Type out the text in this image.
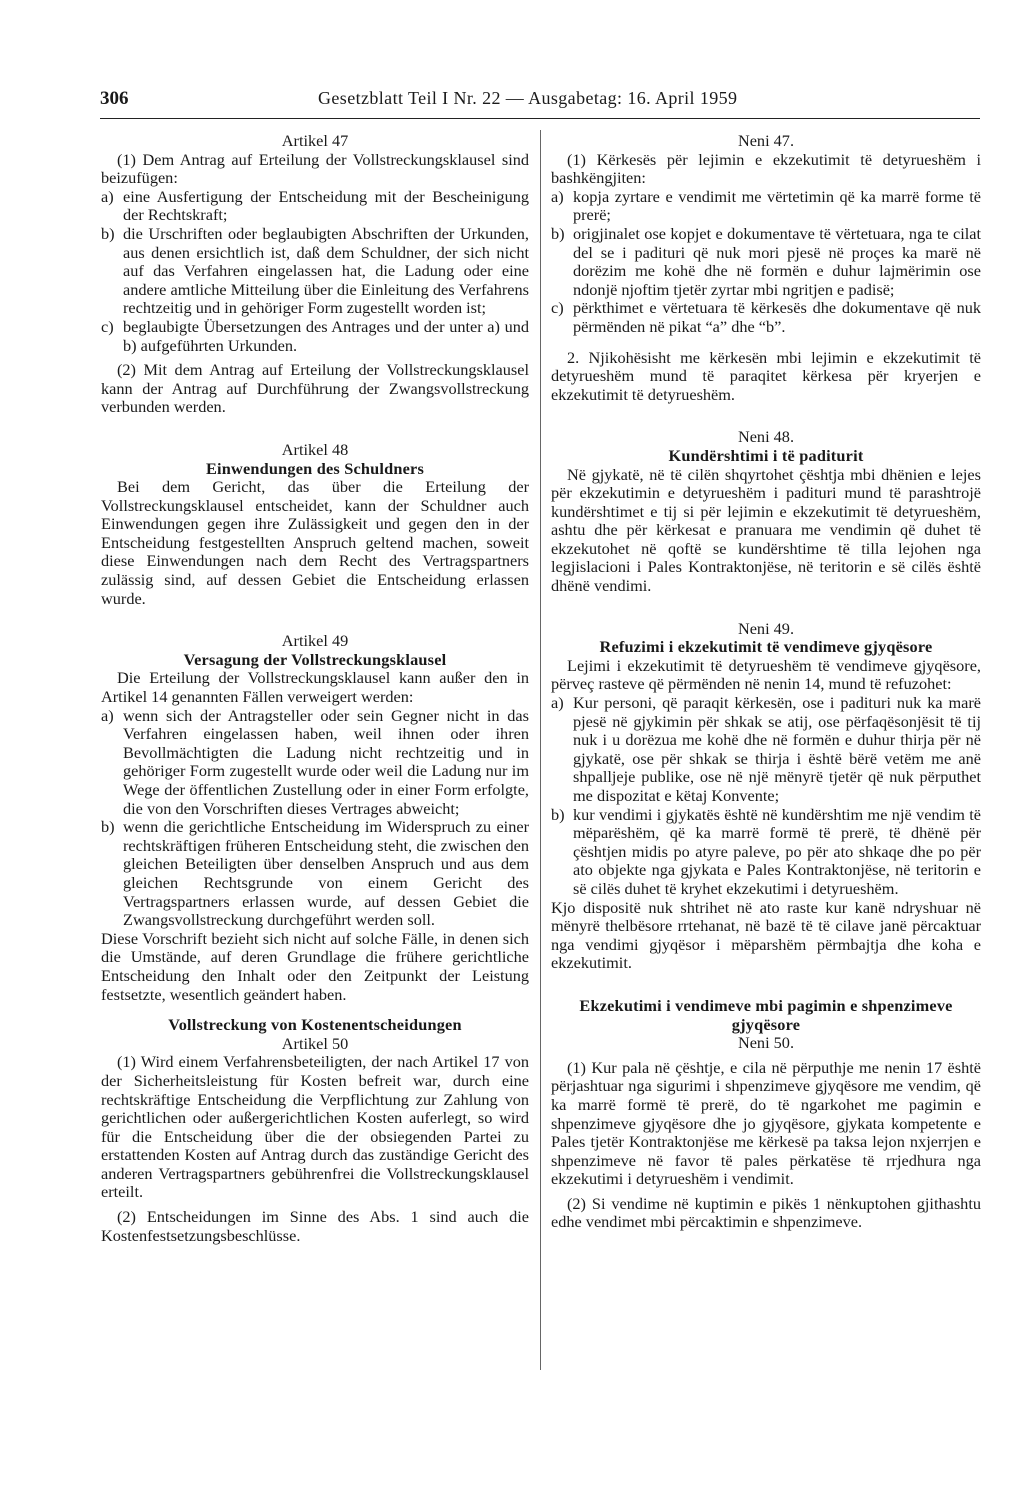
306	Gesetzblatt Teil I Nr. 22 — Ausgabetag: 16. April 1959

Artikel 47

(1) Dem Antrag auf Erteilung der Vollstreckungsklausel sind beizufügen:

a) eine Ausfertigung der Entscheidung mit der Bescheinigung der Rechtskraft;
b) die Urschriften oder beglaubigten Abschriften der Urkunden, aus denen ersichtlich ist, daß dem Schuldner, der sich nicht auf das Verfahren eingelassen hat, die Ladung oder eine andere amtliche Mitteilung über die Einleitung des Verfahrens rechtzeitig und in gehöriger Form zugestellt worden ist;
c) beglaubigte Übersetzungen des Antrages und der unter a) und b) aufgeführten Urkunden.

(2) Mit dem Antrag auf Erteilung der Vollstreckungsklausel kann der Antrag auf Durchführung der Zwangsvollstreckung verbunden werden.

Artikel 48

Einwendungen des Schuldners

Bei dem Gericht, das über die Erteilung der Vollstreckungsklausel entscheidet, kann der Schuldner auch Einwendungen gegen ihre Zulässigkeit und gegen den in der Entscheidung festgestellten Anspruch geltend machen, soweit diese Einwendungen nach dem Recht des Vertragspartners zulässig sind, auf dessen Gebiet die Entscheidung erlassen wurde.

Artikel 49

Versagung der Vollstreckungsklausel

Die Erteilung der Vollstreckungsklausel kann außer den in Artikel 14 genannten Fällen verweigert werden:

a) wenn sich der Antragsteller oder sein Gegner nicht in das Verfahren eingelassen haben, weil ihnen oder ihren Bevollmächtigten die Ladung nicht rechtzeitig und in gehöriger Form zugestellt wurde oder weil die Ladung nur im Wege der öffentlichen Zustellung oder in einer Form erfolgte, die von den Vorschriften dieses Vertrages abweicht;
b) wenn die gerichtliche Entscheidung im Widerspruch zu einer rechtskräftigen früheren Entscheidung steht, die zwischen den gleichen Beteiligten über denselben Anspruch und aus dem gleichen Rechtsgrunde von einem Gericht des Vertragspartners erlassen wurde, auf dessen Gebiet die Zwangsvollstreckung durchgeführt werden soll.

Diese Vorschrift bezieht sich nicht auf solche Fälle, in denen sich die Umstände, auf deren Grundlage die frühere gerichtliche Entscheidung den Inhalt oder den Zeitpunkt der Leistung festsetzte, wesentlich geändert haben.

Vollstreckung von Kostenentscheidungen

Artikel 50

(1) Wird einem Verfahrensbeteiligten, der nach Artikel 17 von der Sicherheitsleistung für Kosten befreit war, durch eine rechtskräftige Entscheidung die Verpflichtung zur Zahlung von gerichtlichen oder außergerichtlichen Kosten auferlegt, so wird für die Entscheidung über die der obsiegenden Partei zu erstattenden Kosten auf Antrag durch das zuständige Gericht des anderen Vertragspartners gebührenfrei die Vollstreckungsklausel erteilt.

(2) Entscheidungen im Sinne des Abs. 1 sind auch die Kostenfestsetzungsbeschlüsse.

Neni 47.

(1) Kërkesës për lejimin e ekzekutimit të detyrueshëm i bashkëngjiten:

a) kopja zyrtare e vendimit me vërtetimin që ka marrë forme të prerë;
b) origjinalet ose kopjet e dokumentave të vërtetuara, nga te cilat del se i padituri që nuk mori pjesë në proçes ka marë në dorëzim me kohë dhe në formën e duhur lajmërimin ose ndonjë njoftim tjetër zyrtar mbi ngritjen e padisë;
c) përkthimet e vërtetuara të kërkesës dhe dokumentave që nuk përmënden në pikat “a” dhe “b”.

2. Njikohësisht me kërkesën mbi lejimin e ekzekutimit të detyrueshëm mund të paraqitet kërkesa për kryerjen e ekzekutimit të detyrueshëm.

Neni 48.

Kundërshtimi i të paditurit

Në gjykatë, në të cilën shqyrtohet çështja mbi dhënien e lejes për ekzekutimin e detyrueshëm i padituri mund të parashtrojë kundërshtimet e tij si për lejimin e ekzekutimit të detyrueshëm, ashtu dhe për kërkesat e pranuara me vendimin që duhet të ekzekutohet në qoftë se kundërshtime të tilla lejohen nga legjislacioni i Pales Kontraktonjëse, në teritorin e së cilës është dhënë vendimi.

Neni 49.

Refuzimi i ekzekutimit të vendimeve gjyqësore

Lejimi i ekzekutimit të detyrueshëm të vendimeve gjyqësore, përveç rasteve që përmënden në nenin 14, mund të refuzohet:

a) Kur personi, që paraqit kërkesën, ose i padituri nuk ka marë pjesë në gjykimin për shkak se atij, ose përfaqësonjësit të tij nuk i u dorëzua me kohë dhe në formën e duhur thirja për në gjykatë, ose për shkak se thirja i është bërë vetëm me anë shpalljeje publike, ose në një mënyrë tjetër që nuk përputhet me dispozitat e këtaj Konvente;
b) kur vendimi i gjykatës është në kundërshtim me një vendim të mëparëshëm, që ka marrë formë të prerë, të dhënë për çështjen midis po atyre paleve, po për ato shkaqe dhe po për ato objekte nga gjykata e Pales Kontraktonjëse, në teritorin e së cilës duhet të kryhet ekzekutimi i detyrueshëm.

Kjo dispositë nuk shtrihet në ato raste kur kanë ndryshuar në mënyrë thelbësore rrtehanat, në bazë të të cilave janë përcaktuar nga vendimi gjyqësor i mëparshëm përmbajtja dhe koha e ekzekutimit.

Ekzekutimi i vendimeve mbi pagimin e shpenzimeve gjyqësore

Neni 50.

(1) Kur pala në çështje, e cila në përputhje me nenin 17 është përjashtuar nga sigurimi i shpenzimeve gjyqësore me vendim, që ka marrë formë të prerë, do të ngarkohet me pagimin e shpenzimeve gjyqësore dhe jo gjyqësore, gjykata kompetente e Pales tjetër Kontraktonjëse me kërkesë pa taksa lejon nxjerrjen e shpenzimeve në favor të pales përkatëse të rrjedhura nga ekzekutimi i detyrueshëm i vendimit.

(2) Si vendime në kuptimin e pikës 1 nënkuptohen gjithashtu edhe vendimet mbi përcaktimin e shpenzimeve.
